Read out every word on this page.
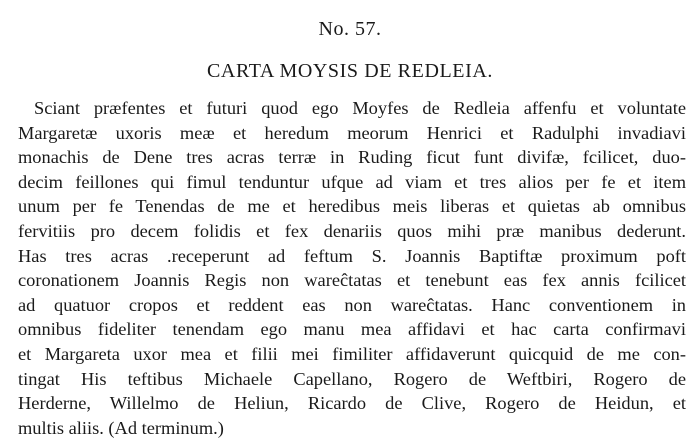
No. 57.
CARTA MOYSIS DE REDLEIA.
Sciant præfentes et futuri quod ego Moyfes de Redleia affenfu et voluntate
Margaretæ uxoris meæ et heredum meorum Henrici et Radulphi invadiavi
monachis de Dene tres acras terræ in Ruding ficut funt divifæ, fcilicet, duo-
decim feillones qui fimul tenduntur ufque ad viam et tres alios per fe et item
unum per fe Tenendas de me et heredibus meis liberas et quietas ab omnibus
fervitiis pro decem folidis et fex denariis quos mihi præ manibus dederunt.
Has tres acras .receperunt ad feftum S. Joannis Baptiftæ proximum poft
coronationem Joannis Regis non wareĉtatas et tenebunt eas fex annis fcilicet
ad quatuor cropos et reddent eas non wareĉtatas. Hanc conventionem in
omnibus fideliter tenendam ego manu mea affidavi et hac carta confirmavi
et Margareta uxor mea et filii mei fimiliter affidaverunt quicquid de me con-
tingat His teftibus Michaele Capellano, Rogero de Weftbiri, Rogero de
Herderne, Willelmo de Heliun, Ricardo de Clive, Rogero de Heidun, et
multis aliis. (Ad terminum.)
